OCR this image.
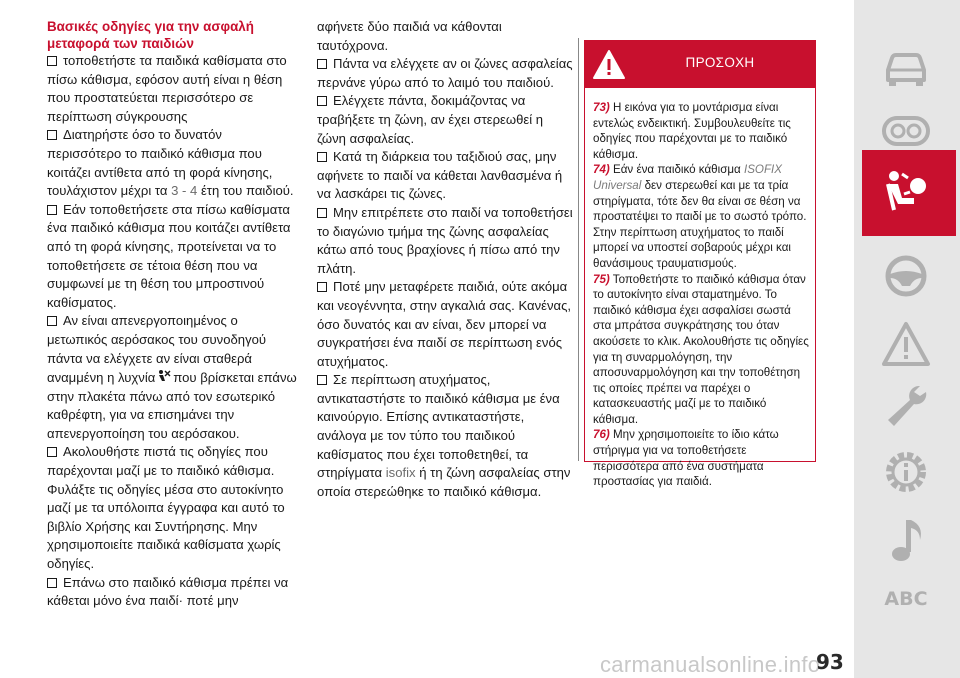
Βασικές οδηγίες για την ασφαλή μεταφορά των παιδιών
τοποθετήστε τα παιδικά καθίσματα στο πίσω κάθισμα, εφόσον αυτή είναι η θέση που προστατεύεται περισσότερο σε περίπτωση σύγκρουσης
Διατηρήστε όσο το δυνατόν περισσότερο το παιδικό κάθισμα που κοιτάζει αντίθετα από τη φορά κίνησης, τουλάχιστον μέχρι τα 3 - 4 έτη του παιδιού.
Εάν τοποθετήσετε στα πίσω καθίσματα ένα παιδικό κάθισμα που κοιτάζει αντίθετα από τη φορά κίνησης, προτείνεται να το τοποθετήσετε σε τέτοια θέση που να συμφωνεί με τη θέση του μπροστινού καθίσματος.
Αν είναι απενεργοποιημένος ο μετωπικός αερόσακος του συνοδηγού πάντα να ελέγχετε αν είναι σταθερά αναμμένη η λυχνία που βρίσκεται επάνω στην πλακέτα πάνω από τον εσωτερικό καθρέφτη, για να επισημάνει την απενεργοποίηση του αερόσακου.
Ακολουθήστε πιστά τις οδηγίες που παρέχονται μαζί με το παιδικό κάθισμα. Φυλάξτε τις οδηγίες μέσα στο αυτοκίνητο μαζί με τα υπόλοιπα έγγραφα και αυτό το βιβλίο Χρήσης και Συντήρησης. Μην χρησιμοποιείτε παιδικά καθίσματα χωρίς οδηγίες.
Επάνω στο παιδικό κάθισμα πρέπει να κάθεται μόνο ένα παιδί· ποτέ μην
αφήνετε δύο παιδιά να κάθονται ταυτόχρονα.
Πάντα να ελέγχετε αν οι ζώνες ασφαλείας περνάνε γύρω από το λαιμό του παιδιού.
Ελέγχετε πάντα, δοκιμάζοντας να τραβήξετε τη ζώνη, αν έχει στερεωθεί η ζώνη ασφαλείας.
Κατά τη διάρκεια του ταξιδιού σας, μην αφήνετε το παιδί να κάθεται λανθασμένα ή να λασκάρει τις ζώνες.
Μην επιτρέπετε στο παιδί να τοποθετήσει το διαγώνιο τμήμα της ζώνης ασφαλείας κάτω από τους βραχίονες ή πίσω από την πλάτη.
Ποτέ μην μεταφέρετε παιδιά, ούτε ακόμα και νεογέννητα, στην αγκαλιά σας. Κανένας, όσο δυνατός και αν είναι, δεν μπορεί να συγκρατήσει ένα παιδί σε περίπτωση ενός ατυχήματος.
Σε περίπτωση ατυχήματος, αντικαταστήστε το παιδικό κάθισμα με ένα καινούργιο. Επίσης αντικαταστήστε, ανάλογα με τον τύπο του παιδικού καθίσματος που έχει τοποθετηθεί, τα στηρίγματα isofix ή τη ζώνη ασφαλείας στην οποία στερεώθηκε το παιδικό κάθισμα.
ΠΡΟΣΟΧΗ
73) Η εικόνα για το μοντάρισμα είναι εντελώς ενδεικτική. Συμβουλευθείτε τις οδηγίες που παρέχονται με το παιδικό κάθισμα.
74) Εάν ένα παιδικό κάθισμα ISOFIX Universal δεν στερεωθεί και με τα τρία στηρίγματα, τότε δεν θα είναι σε θέση να προστατέψει το παιδί με το σωστό τρόπο. Στην περίπτωση ατυχήματος το παιδί μπορεί να υποστεί σοβαρούς μέχρι και θανάσιμους τραυματισμούς.
75) Τοποθετήστε το παιδικό κάθισμα όταν το αυτοκίνητο είναι σταματημένο. Το παιδικό κάθισμα έχει ασφαλίσει σωστά στα μπράτσα συγκράτησης του όταν ακούσετε το κλικ. Ακολουθήστε τις οδηγίες για τη συναρμολόγηση, την αποσυναρμολόγηση και την τοποθέτηση τις οποίες πρέπει να παρέχει ο κατασκευαστής μαζί με το παιδικό κάθισμα.
76) Μην χρησιμοποιείτε το ίδιο κάτω στήριγμα για να τοποθετήσετε περισσότερα από ένα συστήματα προστασίας για παιδιά.
ABC
carmanualsonline.info
93
